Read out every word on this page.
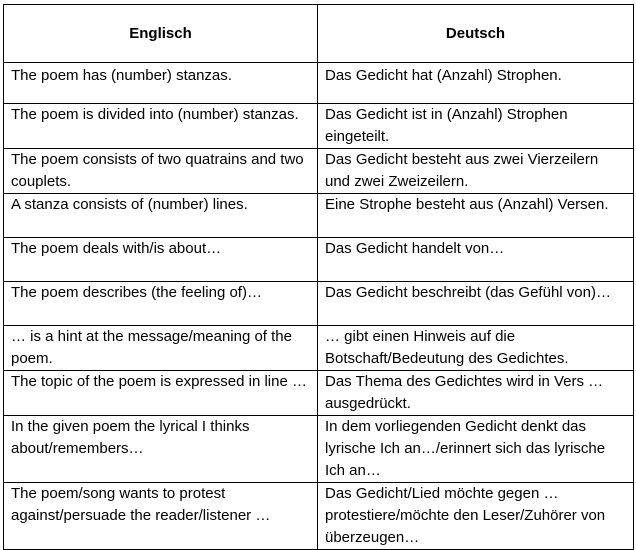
Englisch	Deutsch
The poem has (number) stanzas.	Das Gedicht hat (Anzahl) Strophen.
The poem is divided into (number) stanzas.	Das Gedicht ist in (Anzahl) Strophen eingeteilt.
The poem consists of two quatrains and two couplets.	Das Gedicht besteht aus zwei Vierzeilern und zwei Zweizeilern.
A stanza consists of (number) lines.	Eine Strophe besteht aus (Anzahl) Versen.
The poem deals with/is about…	Das Gedicht handelt von…
The poem describes (the feeling of)…	Das Gedicht beschreibt (das Gefühl von)…
… is a hint at the message/meaning of the poem.	… gibt einen Hinweis auf die Botschaft/Bedeutung des Gedichtes.
The topic of the poem is expressed in line …	Das Thema des Gedichtes wird in Vers … ausgedrückt.
In the given poem the lyrical I thinks about/remembers…	In dem vorliegenden Gedicht denkt das lyrische Ich an…/erinnert sich das lyrische Ich an…
The poem/song wants to protest against/persuade the reader/listener …	Das Gedicht/Lied möchte gegen … protestiere/möchte den Leser/Zuhörer von überzeugen…
